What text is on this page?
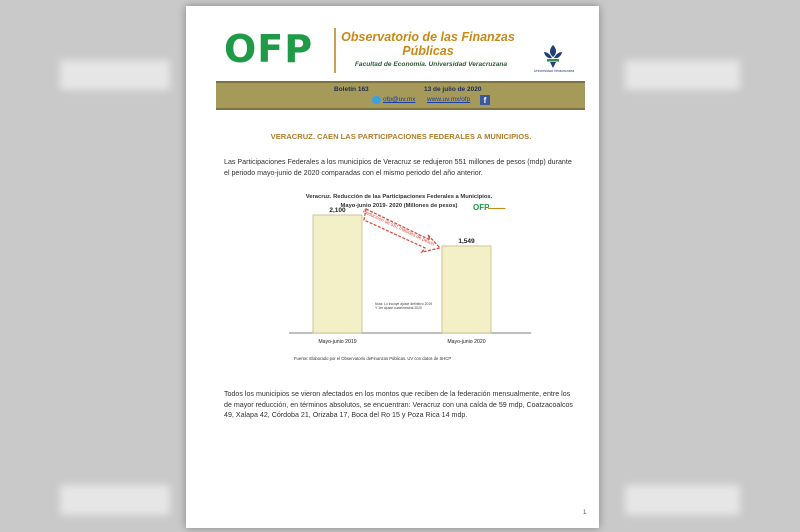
OFP Observatorio de las Finanzas
Públicas
Facultad de Economía. Universidad Veracruzana
Universidad Veracruzana
Boletín 163	13 de julio de 2020
ofp@uv.mx www.uv.mx/ofp	f
VERACRUZ. CAEN LAS PARTICIPACIONES FEDERALES A MUNICIPIOS.
Las Participaciones Federales a los municipios de Veracruz se redujeron 551 millones de pesos (mdp) durante el periodo mayo-junio de 2020 comparadas con el mismo periodo del año anterior.
Veracruz. Reducción de las Participaciones Federales a Municipios.
Mayo-junio 2019- 2020 (Millones de pesos)	OFP
▬▬▬▬▬
2,100
Mayo-junio 2019
1,549
Mayo-junio 2020
Reducción de 551 millones de pesos
Nota: Lo incluye ajuste definitivo 2019 Y 1er ajuste cuatrimestral 2020
Fuente: Elaborado por el Observatorio deFinanzas Públicas. UV con datos de SHCP
Todos los municipios se vieron afectados en los montos que reciben de la federación mensualmente, entre los de mayor reducción, en términos absolutos, se encuentran: Veracruz con una caída de 59 mdp, Coatzacoalcos 49, Xalapa 42, Córdoba 21, Orizaba 17, Boca del Ro 15 y Poza Rica 14 mdp.
1
